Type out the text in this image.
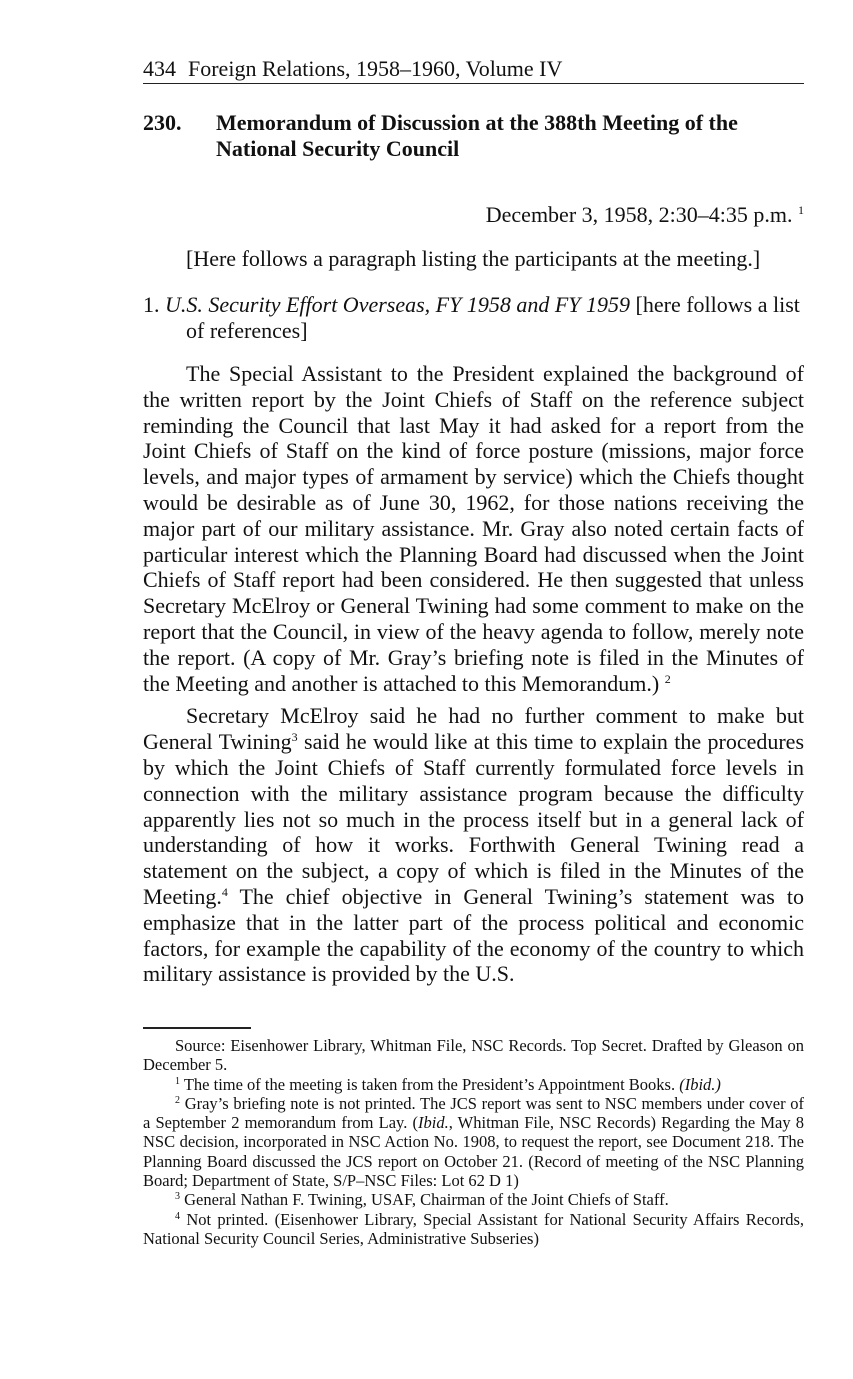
434 Foreign Relations, 1958–1960, Volume IV
230. Memorandum of Discussion at the 388th Meeting of the National Security Council
December 3, 1958, 2:30–4:35 p.m. $^1$
[Here follows a paragraph listing the participants at the meeting.]
1. U.S. Security Effort Overseas, FY 1958 and FY 1959 [here follows a list of references]

The Special Assistant to the President explained the background of the written report by the Joint Chiefs of Staff on the reference subject reminding the Council that last May it had asked for a report from the Joint Chiefs of Staff on the kind of force posture (missions, major force levels, and major types of armament by service) which the Chiefs thought would be desirable as of June 30, 1962, for those nations receiving the major part of our military assistance. Mr. Gray also noted certain facts of particular interest which the Planning Board had discussed when the Joint Chiefs of Staff report had been considered. He then suggested that unless Secretary McElroy or General Twining had some comment to make on the report that the Council, in view of the heavy agenda to follow, merely note the report. (A copy of Mr. Gray’s briefing note is filed in the Minutes of the Meeting and another is attached to this Memorandum.) $^2$

Secretary McElroy said he had no further comment to make but General Twining$^3$ said he would like at this time to explain the procedures by which the Joint Chiefs of Staff currently formulated force levels in connection with the military assistance program because the difficulty apparently lies not so much in the process itself but in a general lack of understanding of how it works. Forthwith General Twining read a statement on the subject, a copy of which is filed in the Minutes of the Meeting.$^4$ The chief objective in General Twining’s statement was to emphasize that in the latter part of the process political and economic factors, for example the capability of the economy of the country to which military assistance is provided by the U.S.

Source: Eisenhower Library, Whitman File, NSC Records. Top Secret. Drafted by Gleason on December 5.

$^1$ The time of the meeting is taken from the President’s Appointment Books. (Ibid.)

$^2$ Gray’s briefing note is not printed. The JCS report was sent to NSC members under cover of a September 2 memorandum from Lay. (Ibid., Whitman File, NSC Records) Regarding the May 8 NSC decision, incorporated in NSC Action No. 1908, to request the report, see Document 218. The Planning Board discussed the JCS report on October 21. (Record of meeting of the NSC Planning Board; Department of State, S/P–NSC Files: Lot 62 D 1)

$^3$ General Nathan F. Twining, USAF, Chairman of the Joint Chiefs of Staff.

$^4$ Not printed. (Eisenhower Library, Special Assistant for National Security Affairs Records, National Security Council Series, Administrative Subseries)
